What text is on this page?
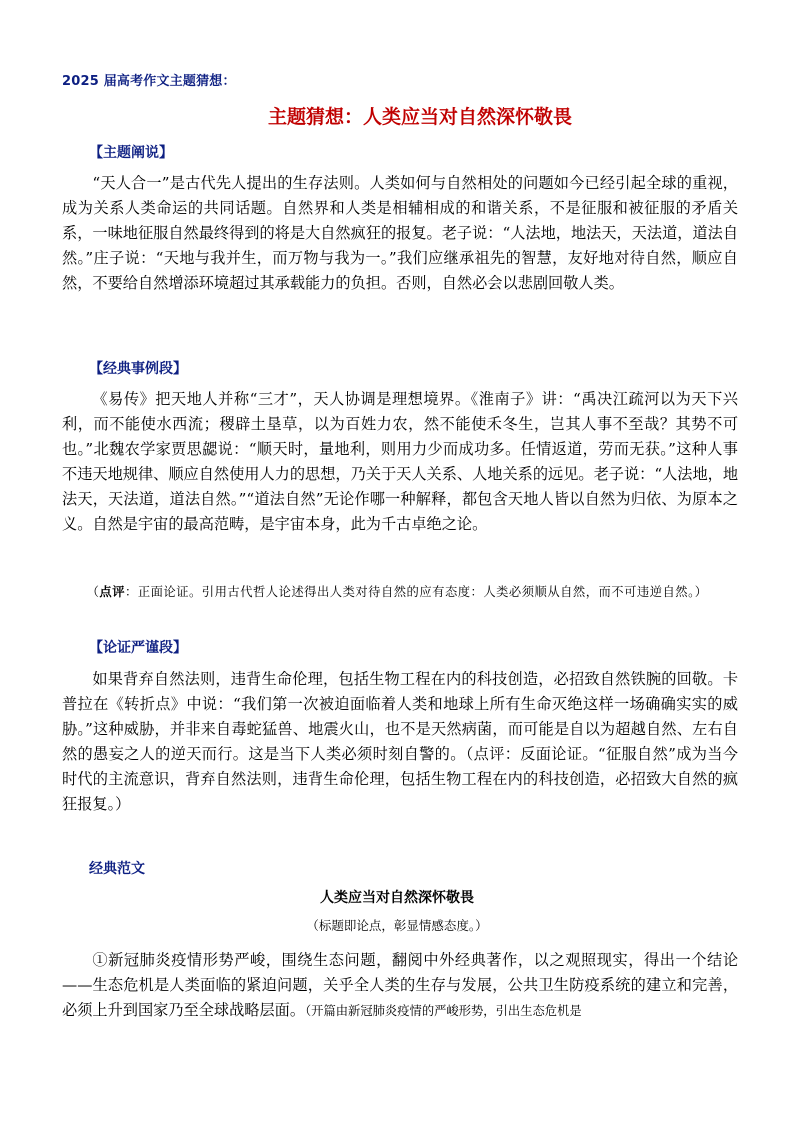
2025 届高考作文主题猜想：
主题猜想：人类应当对自然深怀敬畏
【主题阐说】

“天人合一”是古代先人提出的生存法则。人类如何与自然相处的问题如今已经引起全球的重视，成为关系人类命运的共同话题。自然界和人类是相辅相成的和谐关系，不是征服和被征服的矛盾关系，一味地征服自然最终得到的将是大自然疯狂的报复。老子说：“人法地，地法天，天法道，道法自然。”庄子说：“天地与我并生，而万物与我为一。”我们应继承祖先的智慧，友好地对待自然，顺应自然，不要给自然增添环境超过其承载能力的负担。否则，自然必会以悲剧回敬人类。

【经典事例段】

《易传》把天地人并称“三才”，天人协调是理想境界。《淮南子》讲：“禹决江疏河以为天下兴利，而不能使水西流；稷辟土垦草，以为百姓力农，然不能使禾冬生，岂其人事不至哉？其势不可也。”北魏农学家贾思勰说：“顺天时，量地利，则用力少而成功多。任情返道，劳而无获。”这种人事不违天地规律、顺应自然使用人力的思想，乃关于天人关系、人地关系的远见。老子说：“人法地，地法天，天法道，道法自然。”“道法自然”无论作哪一种解释，都包含天地人皆以自然为归依、为原本之义。自然是宇宙的最高范畴，是宇宙本身，此为千古卓绝之论。

（点评：正面论证。引用古代哲人论述得出人类对待自然的应有态度：人类必须顺从自然，而不可违逆自然。）

【论证严谨段】

如果背弃自然法则，违背生命伦理，包括生物工程在内的科技创造，必招致自然铁腕的回敬。卡普拉在《转折点》中说：“我们第一次被迫面临着人类和地球上所有生命灭绝这样一场确确实实的威胁。”这种威胁，并非来自毒蛇猛兽、地震火山，也不是天然病菌，而可能是自以为超越自然、左右自然的愚妄之人的逆天而行。这是当下人类必须时刻自警的。（点评：反面论证。“征服自然”成为当今时代的主流意识，背弃自然法则，违背生命伦理，包括生物工程在内的科技创造，必招致大自然的疯狂报复。）

经典范文
人类应当对自然深怀敬畏
（标题即论点，彰显情感态度。）

①新冠肺炎疫情形势严峻，围绕生态问题，翻阅中外经典著作，以之观照现实，得出一个结论——生态危机是人类面临的紧迫问题，关乎全人类的生存与发展，公共卫生防疫系统的建立和完善，必须上升到国家乃至全球战略层面。（开篇由新冠肺炎疫情的严峻形势，引出生态危机是
